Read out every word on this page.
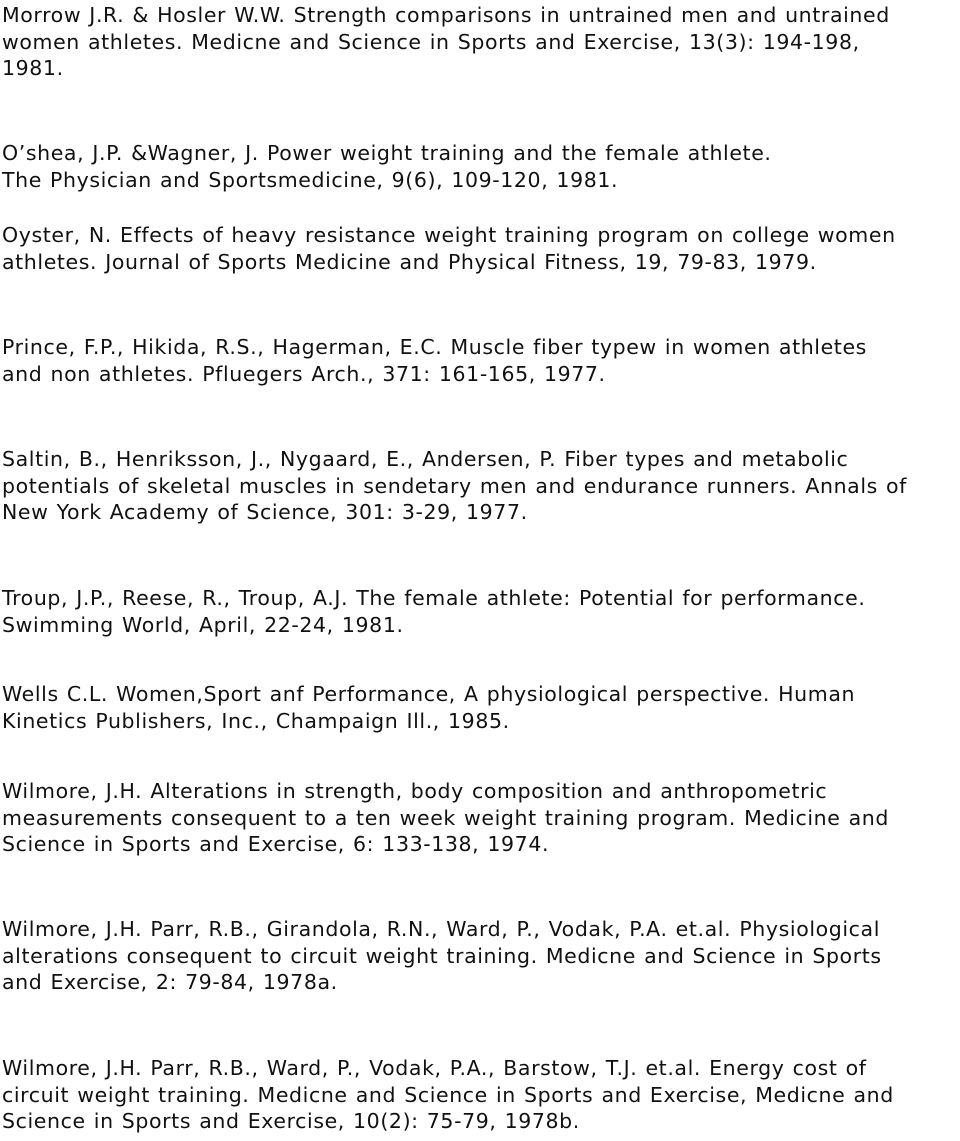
Morrow J.R. & Hosler W.W. Strength comparisons in untrained men and untrained
women athletes. Medicne and Science in Sports and Exercise, 13(3): 194-198,
1981.

O’shea, J.P. &Wagner, J. Power weight training and the female athlete.
The Physician and Sportsmedicine, 9(6), 109-120, 1981.

Oyster, N. Effects of heavy resistance weight training program on college women
athletes. Journal of Sports Medicine and Physical Fitness, 19, 79-83, 1979.

Prince, F.P., Hikida, R.S., Hagerman, E.C. Muscle fiber typew in women athletes
and non athletes. Pfluegers Arch., 371: 161-165, 1977.

Saltin, B., Henriksson, J., Nygaard, E., Andersen, P. Fiber types and metabolic
potentials of skeletal muscles in sendetary men and endurance runners. Annals of
New York Academy of Science, 301: 3-29, 1977.

Troup, J.P., Reese, R., Troup, A.J. The female athlete: Potential for performance.
Swimming World, April, 22-24, 1981.

Wells C.L. Women,Sport anf Performance, A physiological perspective. Human
Kinetics Publishers, Inc., Champaign Ill., 1985.

Wilmore, J.H. Alterations in strength, body composition and anthropometric
measurements consequent to a ten week weight training program. Medicine and
Science in Sports and Exercise, 6: 133-138, 1974.

Wilmore, J.H. Parr, R.B., Girandola, R.N., Ward, P., Vodak, P.A. et.al. Physiological
alterations consequent to circuit weight training. Medicne and Science in Sports
and Exercise, 2: 79-84, 1978a.

Wilmore, J.H. Parr, R.B., Ward, P., Vodak, P.A., Barstow, T.J. et.al. Energy cost of
circuit weight training. Medicne and Science in Sports and Exercise, Medicne and
Science in Sports and Exercise, 10(2): 75-79, 1978b.
